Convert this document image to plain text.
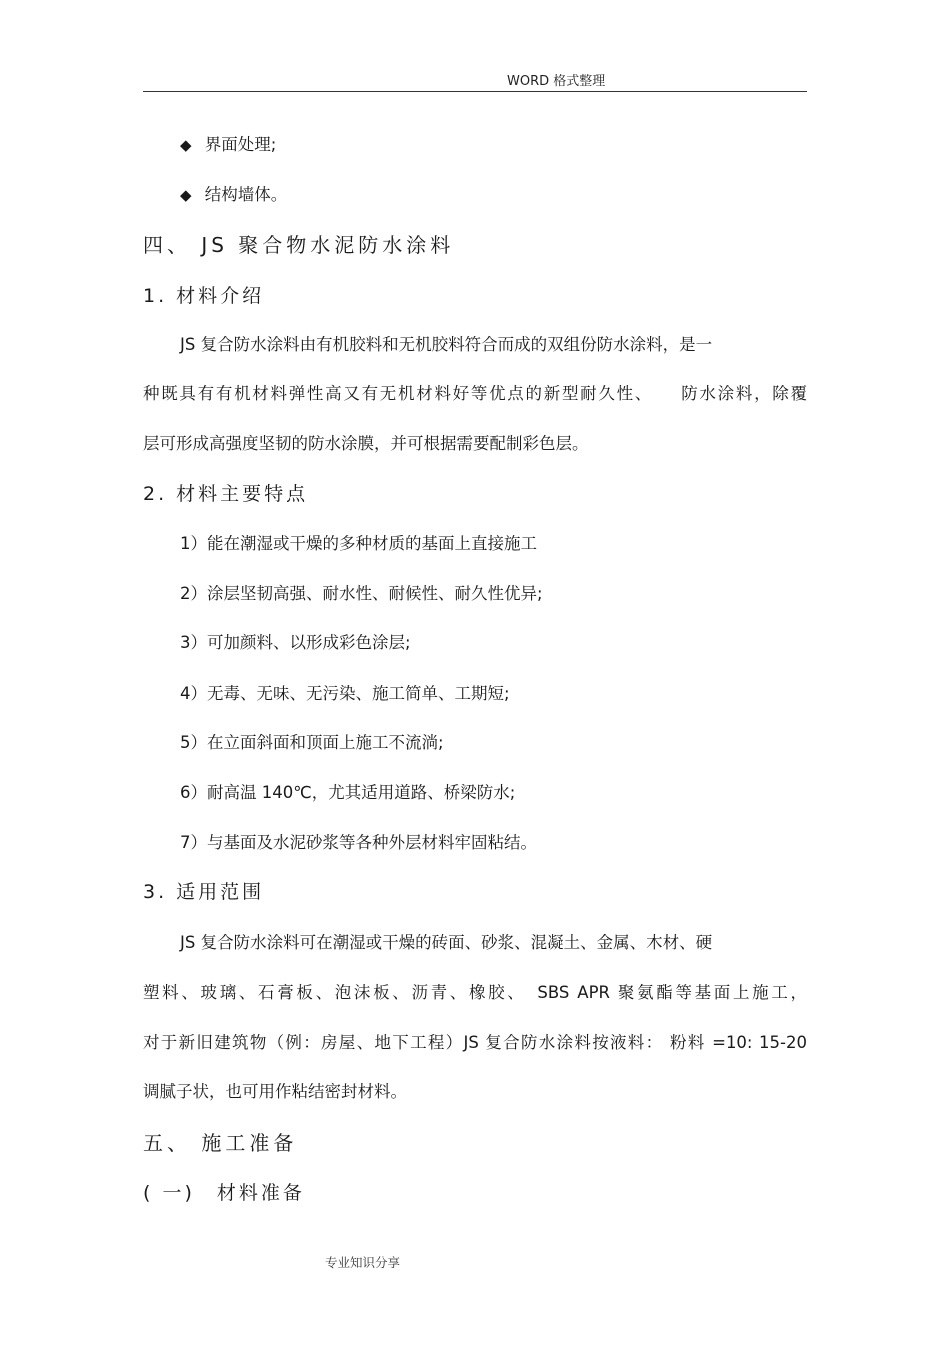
WORD 格式整理
◆ 界面处理;
◆ 结构墙体。
四、 JS 聚合物水泥防水涂料
1. 材料介绍
JS 复合防水涂料由有机胶料和无机胶料符合而成的双组份防水涂料，是一
种既具有有机材料弹性高又有无机材料好等优点的新型耐久性、　　防水涂料，除覆
层可形成高强度坚韧的防水涂膜，并可根据需要配制彩色层。
2. 材料主要特点
1）能在潮湿或干燥的多种材质的基面上直接施工
2）涂层坚韧高强、耐水性、耐候性、耐久性优异;
3）可加颜料、以形成彩色涂层;
4）无毒、无味、无污染、施工简单、工期短;
5）在立面斜面和顶面上施工不流淌;
6）耐高温 140℃，尤其适用道路、桥梁防水;
7）与基面及水泥砂浆等各种外层材料牢固粘结。
3. 适用范围
JS 复合防水涂料可在潮湿或干燥的砖面、砂浆、混凝土、金属、木材、硬
塑料、玻璃、石膏板、泡沫板、沥青、橡胶、　SBS APR 聚氨酯等基面上施工，
对于新旧建筑物（例：房屋、地下工程）JS 复合防水涂料按液料： 粉料 =10: 15-20
调腻子状，也可用作粘结密封材料。
五、 施工准备
( 一)　材料准备
专业知识分享
